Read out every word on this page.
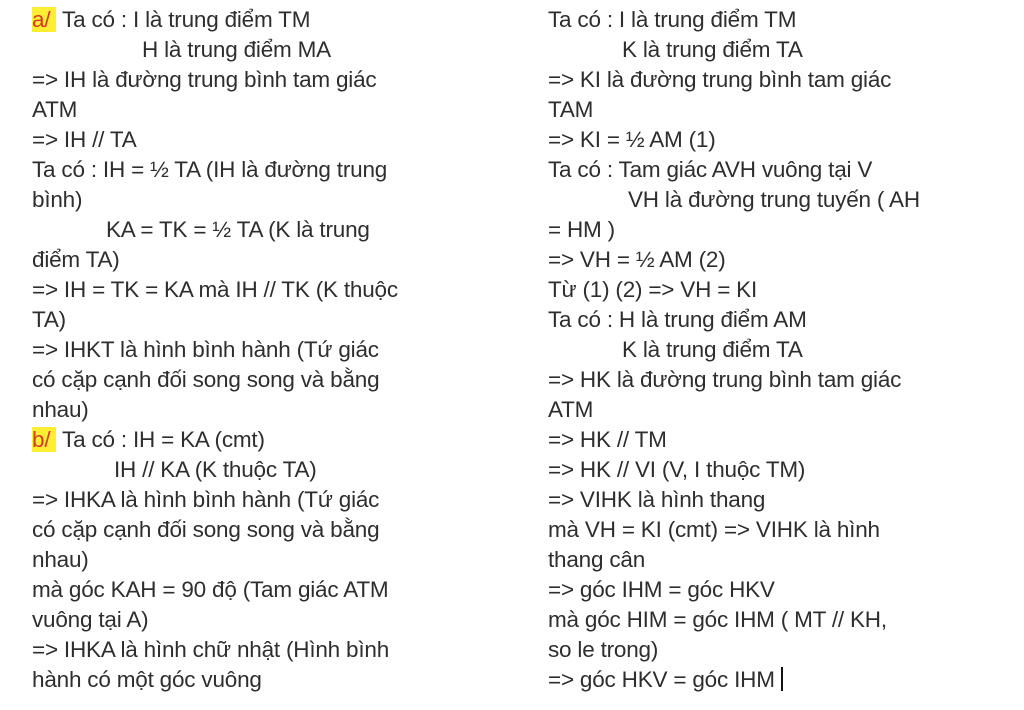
a/ Ta có : I là trung điểm TM
H là trung điểm MA
=> IH là đường trung bình tam giác
ATM
=> IH // TA
Ta có : IH = ½ TA (IH là đường trung
bình)
KA = TK = ½ TA (K là trung
điểm TA)
=> IH = TK = KA mà IH // TK (K thuộc
TA)
=> IHKT là hình bình hành (Tứ giác
có cặp cạnh đối song song và bằng
nhau)
b/ Ta có : IH = KA (cmt)
IH // KA (K thuộc TA)
=> IHKA là hình bình hành (Tứ giác
có cặp cạnh đối song song và bằng
nhau)
mà góc KAH = 90 độ (Tam giác ATM
vuông tại A)
=> IHKA là hình chữ nhật (Hình bình
hành có một góc vuông
Ta có : I là trung điểm TM
K là trung điểm TA
=> KI là đường trung bình tam giác
TAM
=> KI = ½ AM (1)
Ta có : Tam giác AVH vuông tại V
VH là đường trung tuyến ( AH
= HM )
=> VH = ½ AM (2)
Từ (1) (2) => VH = KI
Ta có : H là trung điểm AM
K là trung điểm TA
=> HK là đường trung bình tam giác
ATM
=> HK // TM
=> HK // VI (V, I thuộc TM)
=> VIHK là hình thang
mà VH = KI (cmt) => VIHK là hình
thang cân
=> góc IHM = góc HKV
mà góc HIM = góc IHM ( MT // KH,
so le trong)
=> góc HKV = góc IHM
